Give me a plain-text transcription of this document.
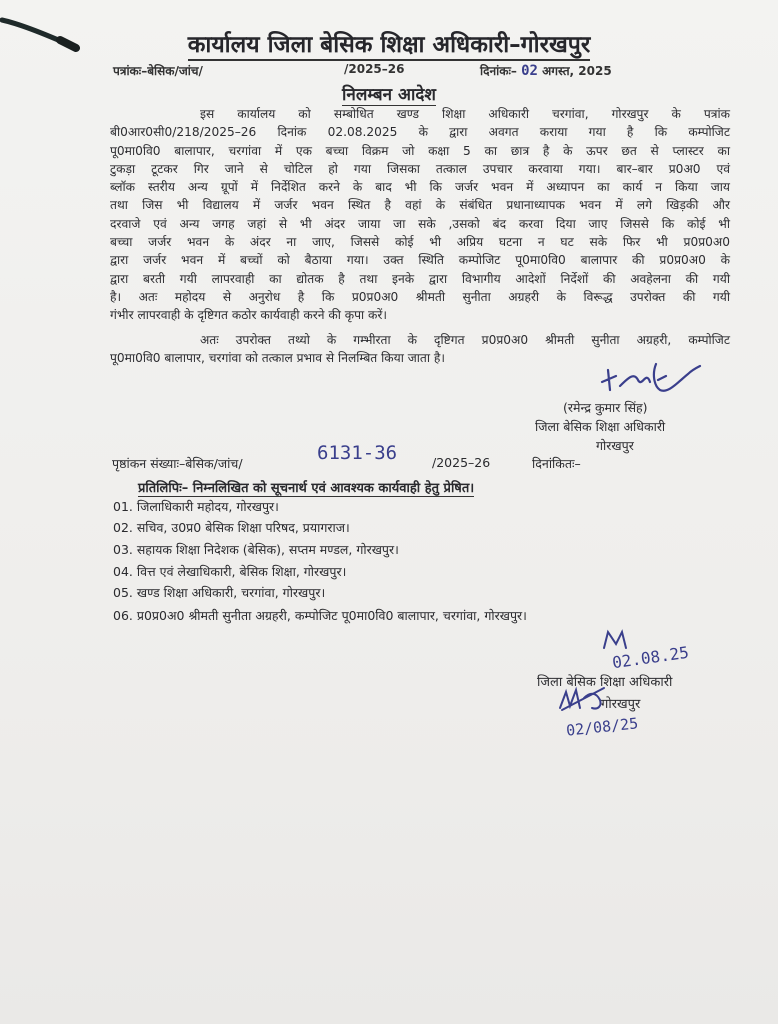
कार्यालय जिला बेसिक शिक्षा अधिकारी–गोरखपुर
पत्रांकः–बेसिक/जांच/	/2025–26	दिनांकः– 02 अगस्त, 2025
निलम्बन आदेश
इस कार्यालय को सम्बोधित खण्ड शिक्षा अधिकारी चरगांवा, गोरखपुर के पत्रांक
बी0आर0सी0/218/2025–26 दिनांक 02.08.2025 के द्वारा अवगत कराया गया है कि कम्पोजिट
पू0मा0वि0 बालापार, चरगांवा में एक बच्चा विक्रम जो कक्षा 5 का छात्र है के ऊपर छत से प्लास्टर का
टुकड़ा टूटकर गिर जाने से चोटिल हो गया जिसका तत्काल उपचार करवाया गया। बार–बार प्र0अ0 एवं
ब्लॉक स्तरीय अन्य ग्रूपों में निर्देशित करने के बाद भी कि जर्जर भवन में अध्यापन का कार्य न किया जाय
तथा जिस भी विद्यालय में जर्जर भवन स्थित है वहां के संबंधित प्रधानाध्यापक भवन में लगे खिड़की और
दरवाजे एवं अन्य जगह जहां से भी अंदर जाया जा सके ,उसको बंद करवा दिया जाए जिससे कि कोई भी
बच्चा जर्जर भवन के अंदर ना जाए, जिससे कोई भी अप्रिय घटना न घट सके फिर भी प्र0प्र0अ0
द्वारा जर्जर भवन में बच्चों को बैठाया गया। उक्त स्थिति कम्पोजिट पू0मा0वि0 बालापार की प्र0प्र0अ0 के
द्वारा बरती गयी लापरवाही का द्योतक है तथा इनके द्वारा विभागीय आदेशों निर्देशों की अवहेलना की गयी
है। अतः महोदय से अनुरोध है कि प्र0प्र0अ0 श्रीमती सुनीता अग्रहरी के विरूद्ध उपरोक्त की गयी
गंभीर लापरवाही के दृष्टिगत कठोर कार्यवाही करने की कृपा करें।
अतः उपरोक्त तथ्यो के गम्भीरता के दृष्टिगत प्र0प्र0अ0 श्रीमती सुनीता अग्रहरी, कम्पोजिट
पू0मा0वि0 बालापार, चरगांवा को तत्काल प्रभाव से निलम्बित किया जाता है।
(रमेन्द्र कुमार सिंह)
जिला बेसिक शिक्षा अधिकारी
गोरखपुर
पृष्ठांकन संख्याः–बेसिक/जांच/	6131-36	/2025–26	दिनांकितः–
प्रतिलिपिः– निम्नलिखित को सूचनार्थ एवं आवश्यक कार्यवाही हेतु प्रेषित।
01. जिलाधिकारी महोदय, गोरखपुर।
02. सचिव, उ0प्र0 बेसिक शिक्षा परिषद, प्रयागराज।
03. सहायक शिक्षा निदेशक (बेसिक), सप्तम मण्डल, गोरखपुर।
04. वित्त एवं लेखाधिकारी, बेसिक शिक्षा, गोरखपुर।
05. खण्ड शिक्षा अधिकारी, चरगांवा, गोरखपुर।
06. प्र0प्र0अ0 श्रीमती सुनीता अग्रहरी, कम्पोजिट पू0मा0वि0 बालापार, चरगांवा, गोरखपुर।
02.08.25
जिला बेसिक शिक्षा अधिकारी
गोरखपुर
02/08/25
